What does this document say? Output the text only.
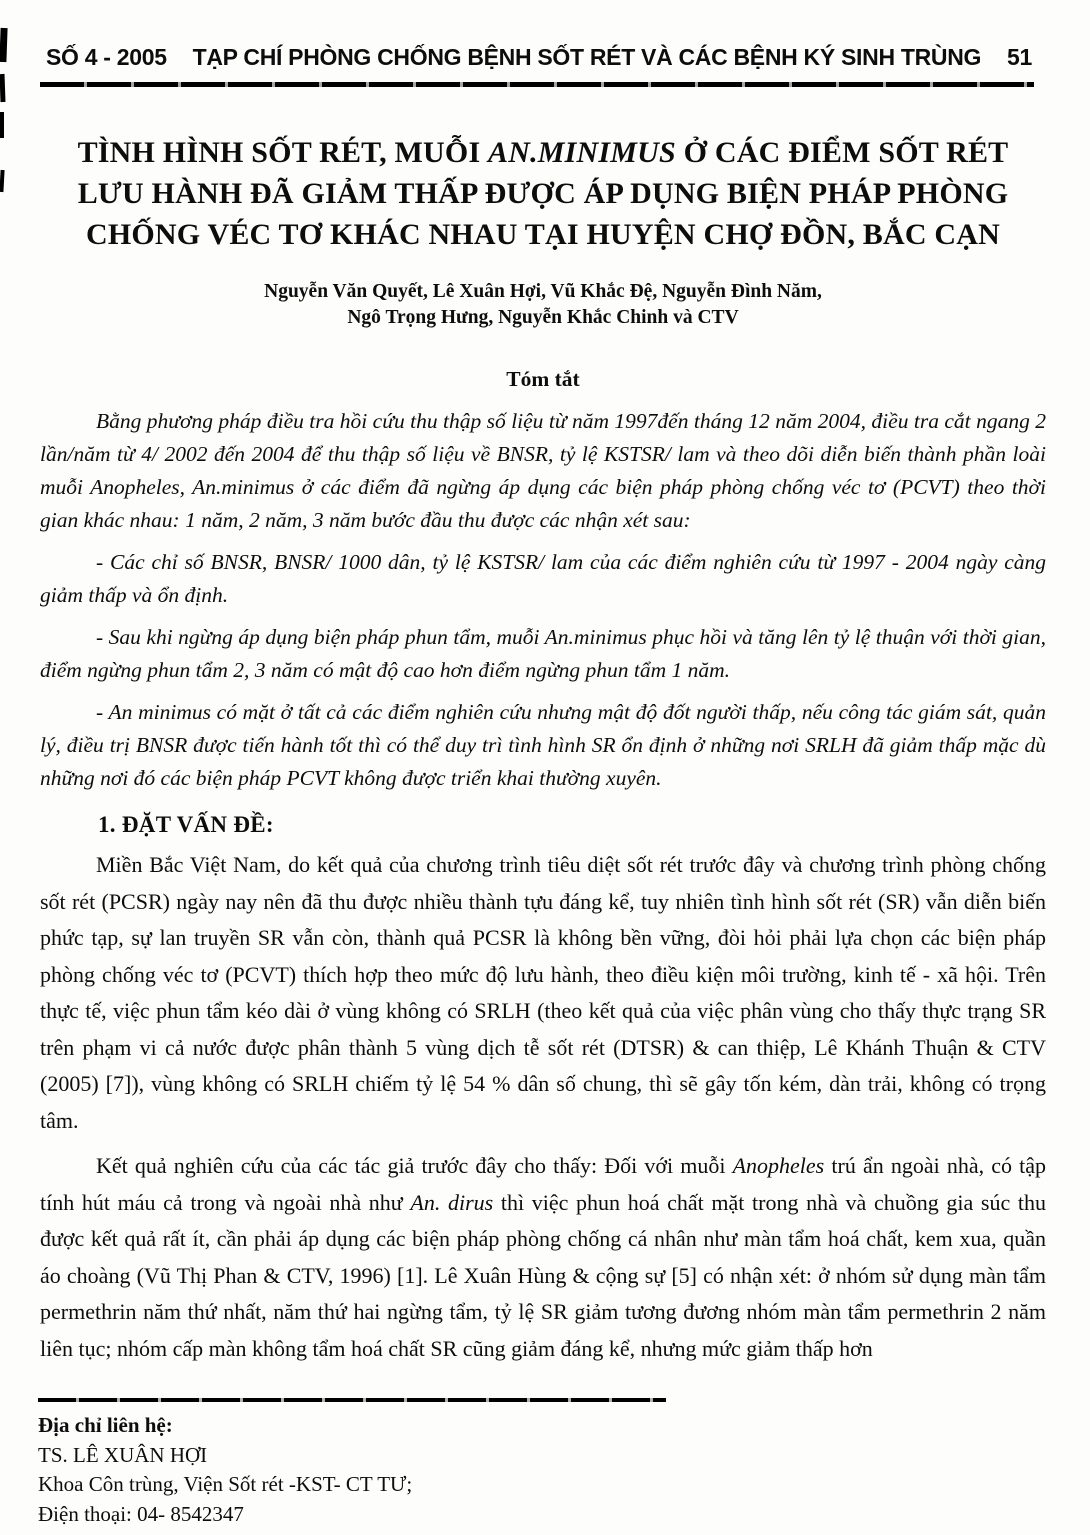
SỐ 4 - 2005	TẠP CHÍ PHÒNG CHỐNG BỆNH SỐT RÉT VÀ CÁC BỆNH KÝ SINH TRÙNG	51
TÌNH HÌNH SỐT RÉT, MUỖI AN.MINIMUS Ở CÁC ĐIỂM SỐT RÉT
LƯU HÀNH ĐÃ GIẢM THẤP ĐƯỢC ÁP DỤNG BIỆN PHÁP PHÒNG
CHỐNG VÉC TƠ KHÁC NHAU TẠI HUYỆN CHỢ ĐỒN, BẮC CẠN
Nguyễn Văn Quyết, Lê Xuân Hợi, Vũ Khắc Đệ, Nguyễn Đình Năm,
Ngô Trọng Hưng, Nguyễn Khắc Chinh và CTV
Tóm tắt

Bằng phương pháp điều tra hồi cứu thu thập số liệu từ năm 1997đến tháng 12 năm 2004, điều tra cắt ngang 2 lần/năm từ 4/ 2002 đến 2004 để thu thập số liệu về BNSR, tỷ lệ KSTSR/ lam và theo dõi diễn biến thành phần loài muỗi Anopheles, An.minimus ở các điểm đã ngừng áp dụng các biện pháp phòng chống véc tơ (PCVT) theo thời gian khác nhau: 1 năm, 2 năm, 3 năm bước đầu thu được các nhận xét sau:

- Các chỉ số BNSR, BNSR/ 1000 dân, tỷ lệ KSTSR/ lam của các điểm nghiên cứu từ 1997 - 2004 ngày càng giảm thấp và ổn định.

- Sau khi ngừng áp dụng biện pháp phun tẩm, muỗi An.minimus phục hồi và tăng lên tỷ lệ thuận với thời gian, điểm ngừng phun tẩm 2, 3 năm có mật độ cao hơn điểm ngừng phun tẩm 1 năm.

- An minimus có mặt ở tất cả các điểm nghiên cứu nhưng mật độ đốt người thấp, nếu công tác giám sát, quản lý, điều trị BNSR được tiến hành tốt thì có thể duy trì tình hình SR ổn định ở những nơi SRLH đã giảm thấp mặc dù những nơi đó các biện pháp PCVT không được triển khai thường xuyên.

1. ĐẶT VẤN ĐỀ:

Miền Bắc Việt Nam, do kết quả của chương trình tiêu diệt sốt rét trước đây và chương trình phòng chống sốt rét (PCSR) ngày nay nên đã thu được nhiều thành tựu đáng kể, tuy nhiên tình hình sốt rét (SR) vẫn diễn biến phức tạp, sự lan truyền SR vẫn còn, thành quả PCSR là không bền vững, đòi hỏi phải lựa chọn các biện pháp phòng chống véc tơ (PCVT) thích hợp theo mức độ lưu hành, theo điều kiện môi trường, kinh tế - xã hội. Trên thực tế, việc phun tẩm kéo dài ở vùng không có SRLH (theo kết quả của việc phân vùng cho thấy thực trạng SR trên phạm vi cả nước được phân thành 5 vùng dịch tễ sốt rét (DTSR) & can thiệp, Lê Khánh Thuận & CTV (2005) [7]), vùng không có SRLH chiếm tỷ lệ 54 % dân số chung, thì sẽ gây tốn kém, dàn trải, không có trọng tâm.

Kết quả nghiên cứu của các tác giả trước đây cho thấy: Đối với muỗi Anopheles trú ẩn ngoài nhà, có tập tính hút máu cả trong và ngoài nhà như An. dirus thì việc phun hoá chất mặt trong nhà và chuồng gia súc thu được kết quả rất ít, cần phải áp dụng các biện pháp phòng chống cá nhân như màn tẩm hoá chất, kem xua, quần áo choàng (Vũ Thị Phan & CTV, 1996) [1]. Lê Xuân Hùng & cộng sự [5] có nhận xét: ở nhóm sử dụng màn tẩm permethrin năm thứ nhất, năm thứ hai ngừng tẩm, tỷ lệ SR giảm tương đương nhóm màn tẩm permethrin 2 năm liên tục; nhóm cấp màn không tẩm hoá chất SR cũng giảm đáng kể, nhưng mức giảm thấp hơn

Địa chỉ liên hệ:
TS. LÊ XUÂN HỢI
Khoa Côn trùng, Viện Sốt rét -KST- CT TƯ;
Điện thoại: 04- 8542347
